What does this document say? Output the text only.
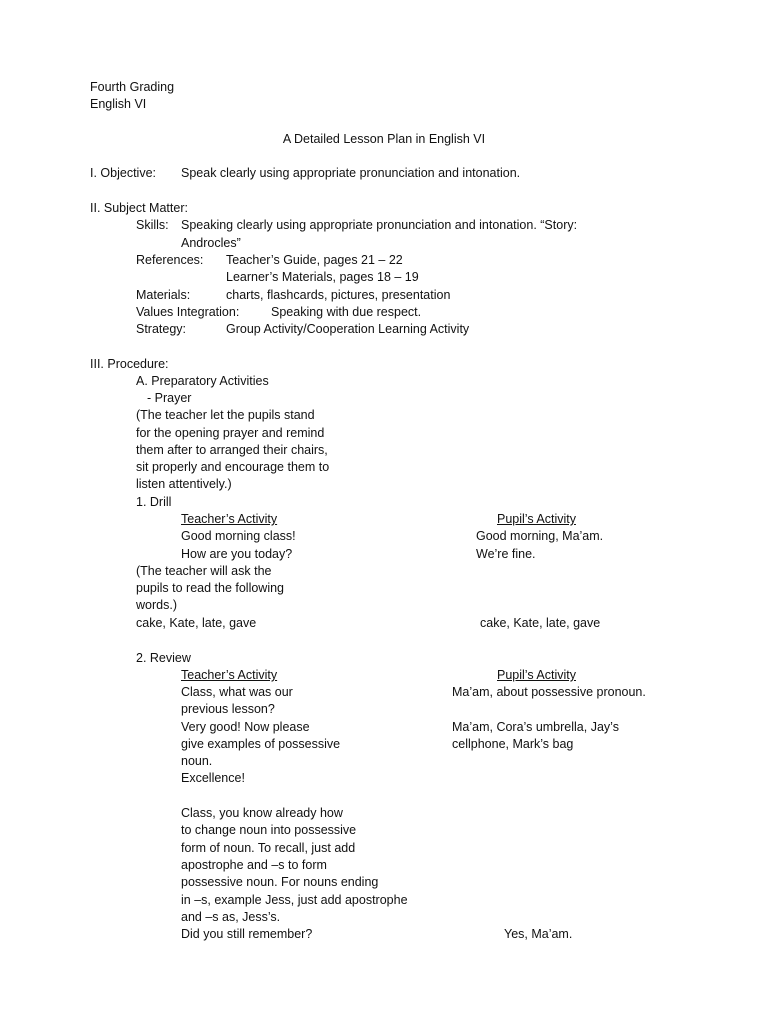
Fourth Grading
English VI
A Detailed Lesson Plan in English VI
I. Objective: Speak clearly using appropriate pronunciation and intonation.
II. Subject Matter:
Skills: Speaking clearly using appropriate pronunciation and intonation. “Story:
Androcles”
References: Teacher’s Guide, pages 21 – 22
Learner’s Materials, pages 18 – 19
Materials:	charts, flashcards, pictures, presentation
Values Integration:	Speaking with due respect.
Strategy:	Group Activity/Cooperation Learning Activity
III. Procedure:
A. Preparatory Activities
- Prayer
(The teacher let the pupils stand
for the opening prayer and remind
them after to arranged their chairs,
sit properly and encourage them to
listen attentively.)
1. Drill
Teacher’s Activity	Pupil’s Activity
Good morning class!	Good morning, Ma’am.
How are you today?	We’re fine.
(The teacher will ask the
pupils to read the following
words.)
cake, Kate, late, gave	cake, Kate, late, gave
2. Review
Teacher’s Activity	Pupil’s Activity
Class, what was our	Ma’am, about possessive pronoun.
previous lesson?
Very good! Now please	Ma’am, Cora’s umbrella, Jay’s
give examples of possessive	cellphone, Mark’s bag
noun.
Excellence!
Class, you know already how
to change noun into possessive
form of noun. To recall, just add
apostrophe and –s to form
possessive noun. For nouns ending
in –s, example Jess, just add apostrophe
and –s as, Jess’s.
Did you still remember?	Yes, Ma’am.
